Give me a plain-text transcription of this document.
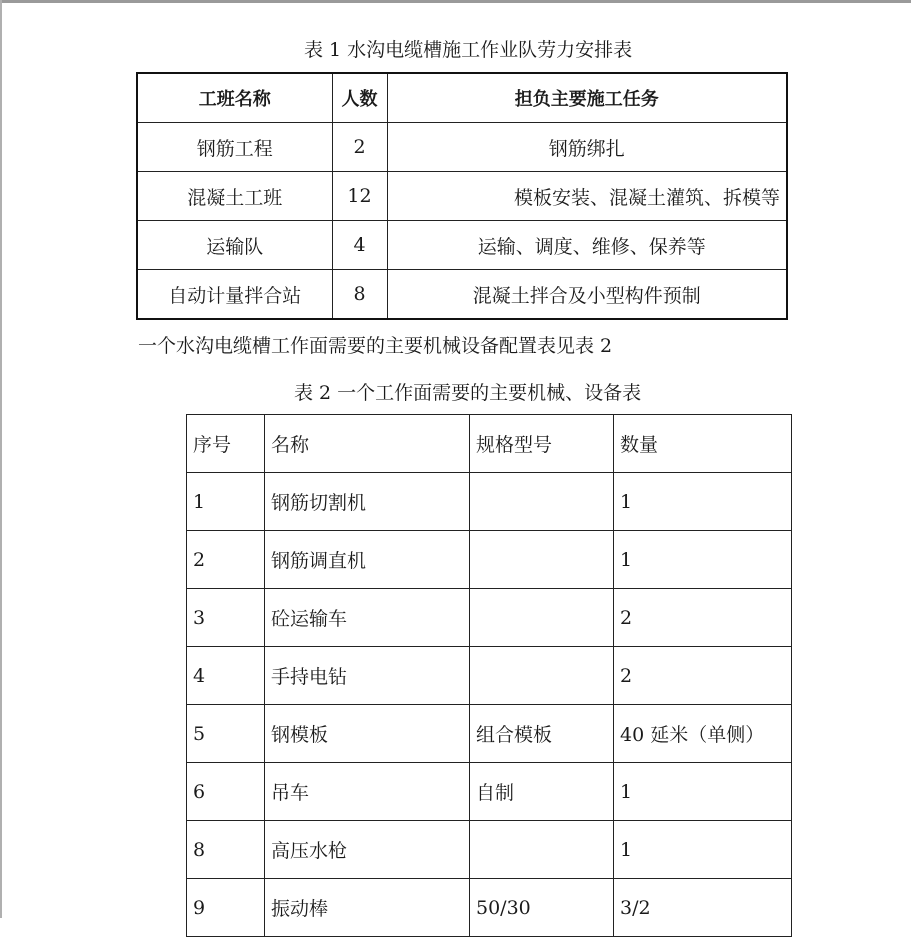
表 1 水沟电缆槽施工作业队劳力安排表
工班名称	人数	担负主要施工任务
钢筋工程	2	钢筋绑扎
混凝土工班	12	模板安装、混凝土灌筑、拆模等
运输队	4	运输、调度、维修、保养等
自动计量拌合站	8	混凝土拌合及小型构件预制
一个水沟电缆槽工作面需要的主要机械设备配置表见表 2
表 2 一个工作面需要的主要机械、设备表
序号	名称	规格型号	数量
1	钢筋切割机		1
2	钢筋调直机		1
3	砼运输车		2
4	手持电钻		2
5	钢模板	组合模板	40 延米（单侧）
6	吊车	自制	1
8	高压水枪		1
9	振动棒	50/30	3/2
